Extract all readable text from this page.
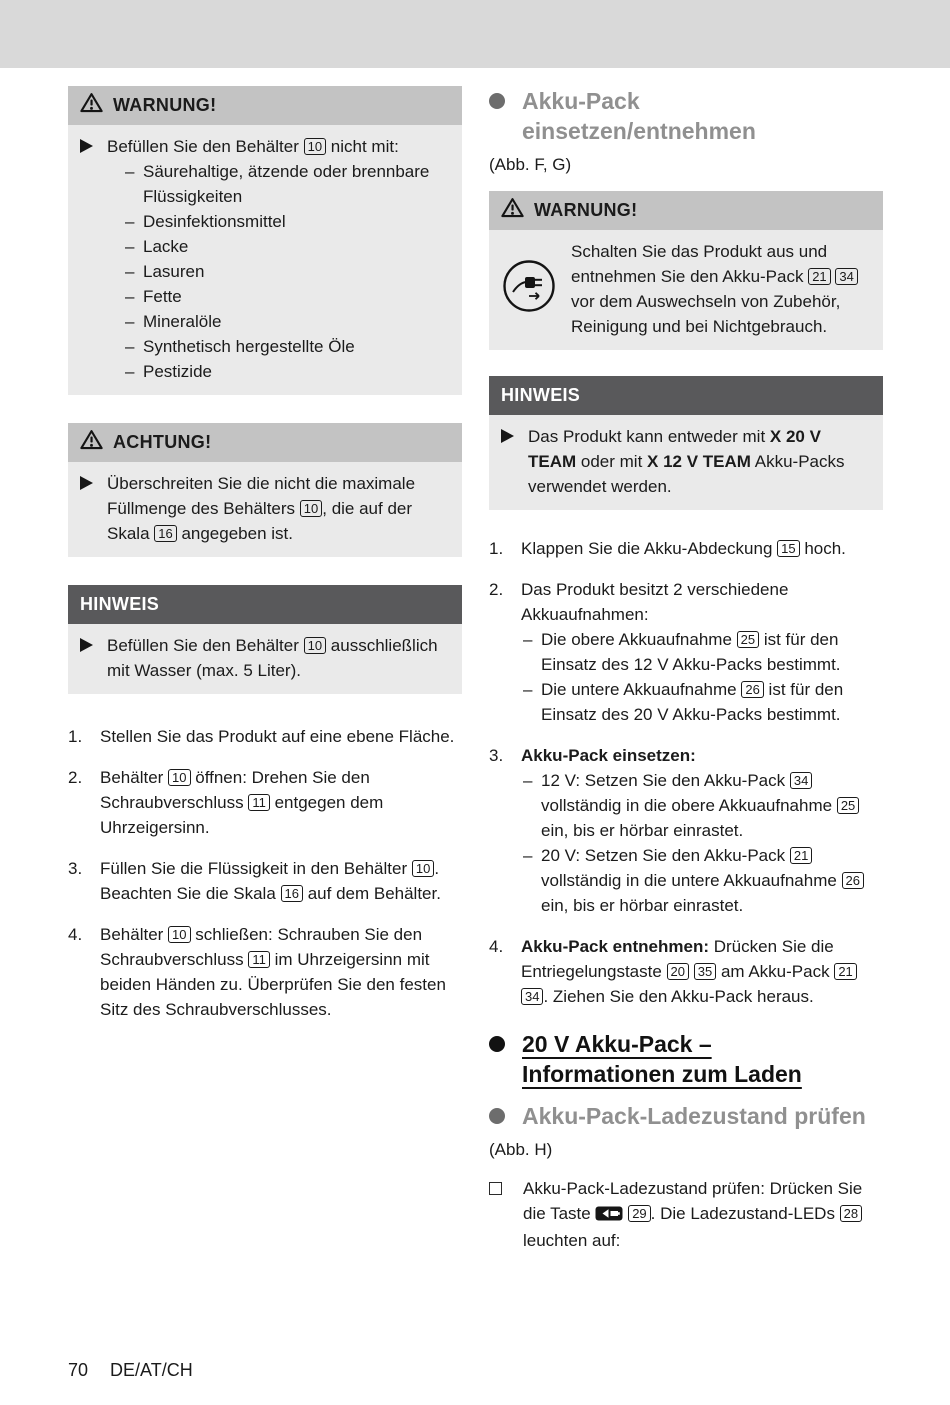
WARNUNG!
Befüllen Sie den Behälter 10 nicht mit:
– Säurehaltige, ätzende oder brennbare Flüssigkeiten
– Desinfektionsmittel
– Lacke
– Lasuren
– Fette
– Mineralöle
– Synthetisch hergestellte Öle
– Pestizide
ACHTUNG!
Überschreiten Sie die nicht die maximale Füllmenge des Behälters 10 , die auf der Skala 16 angegeben ist.
HINWEIS
Befüllen Sie den Behälter 10 ausschließlich mit Wasser (max. 5 Liter).
1.	Stellen Sie das Produkt auf eine ebene Fläche.
2.	Behälter 10 öffnen: Drehen Sie den Schraubverschluss 11 entgegen dem Uhrzeigersinn.
3.	Füllen Sie die Flüssigkeit in den Behälter 10 . Beachten Sie die Skala 16 auf dem Behälter.
4.	Behälter 10 schließen: Schrauben Sie den Schraubverschluss 11 im Uhrzeigersinn mit beiden Händen zu. Überprüfen Sie den festen Sitz des Schraubverschlusses.
Akku-Pack einsetzen/entnehmen

(Abb. F, G)

WARNUNG!
Schalten Sie das Produkt aus und entnehmen Sie den Akku-Pack 21 34 vor dem Auswechseln von Zubehör, Reinigung und bei Nichtgebrauch.
HINWEIS
Das Produkt kann entweder mit X 20 V TEAM oder mit X 12 V TEAM Akku-Packs verwendet werden.
1.	Klappen Sie die Akku-Abdeckung 15 hoch.
2.	Das Produkt besitzt 2 verschiedene Akkuaufnahmen:
– Die obere Akkuaufnahme 25 ist für den Einsatz des 12 V Akku-Packs bestimmt.
– Die untere Akkuaufnahme 26 ist für den Einsatz des 20 V Akku-Packs bestimmt.
3.	Akku-Pack einsetzen:
– 12 V: Setzen Sie den Akku-Pack 34 vollständig in die obere Akkuaufnahme 25 ein, bis er hörbar einrastet.
– 20 V: Setzen Sie den Akku-Pack 21 vollständig in die untere Akkuaufnahme 26 ein, bis er hörbar einrastet.
4.	Akku-Pack entnehmen: Drücken Sie die Entriegelungstaste 20 35 am Akku-Pack 21 34 . Ziehen Sie den Akku-Pack heraus.
20 V Akku-Pack – Informationen zum Laden
Akku-Pack-Ladezustand prüfen

(Abb. H)

Akku-Pack-Ladezustand prüfen: Drücken Sie die Taste	29 . Die Ladezustand-LEDs 28 leuchten auf:
70 DE/AT/CH
